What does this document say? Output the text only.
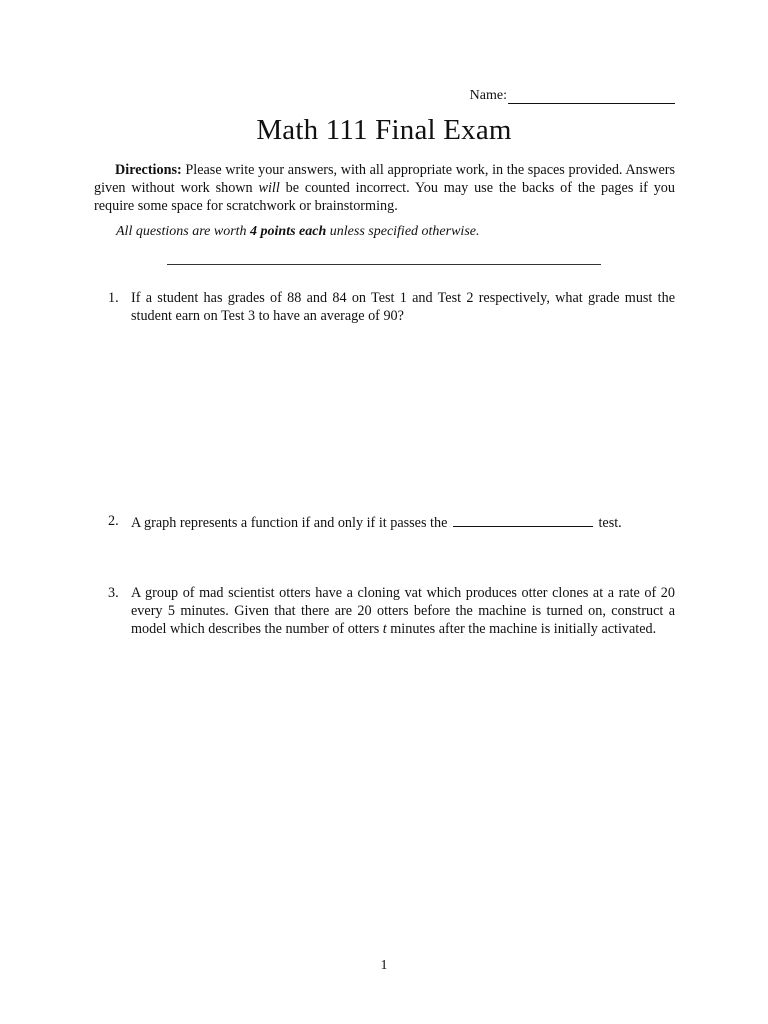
Name:
Math 111 Final Exam

Directions: Please write your answers, with all appropriate work, in the spaces provided. Answers given without work shown will be counted incorrect. You may use the backs of the pages if you require some space for scratchwork or brainstorming.

All questions are worth 4 points each unless specified otherwise.

1. If a student has grades of 88 and 84 on Test 1 and Test 2 respectively, what grade must the student earn on Test 3 to have an average of 90?
2. A graph represents a function if and only if it passes the	test.
3. A group of mad scientist otters have a cloning vat which produces otter clones at a rate of 20 every 5 minutes. Given that there are 20 otters before the machine is turned on, construct a model which describes the number of otters t minutes after the machine is initially activated.
1
